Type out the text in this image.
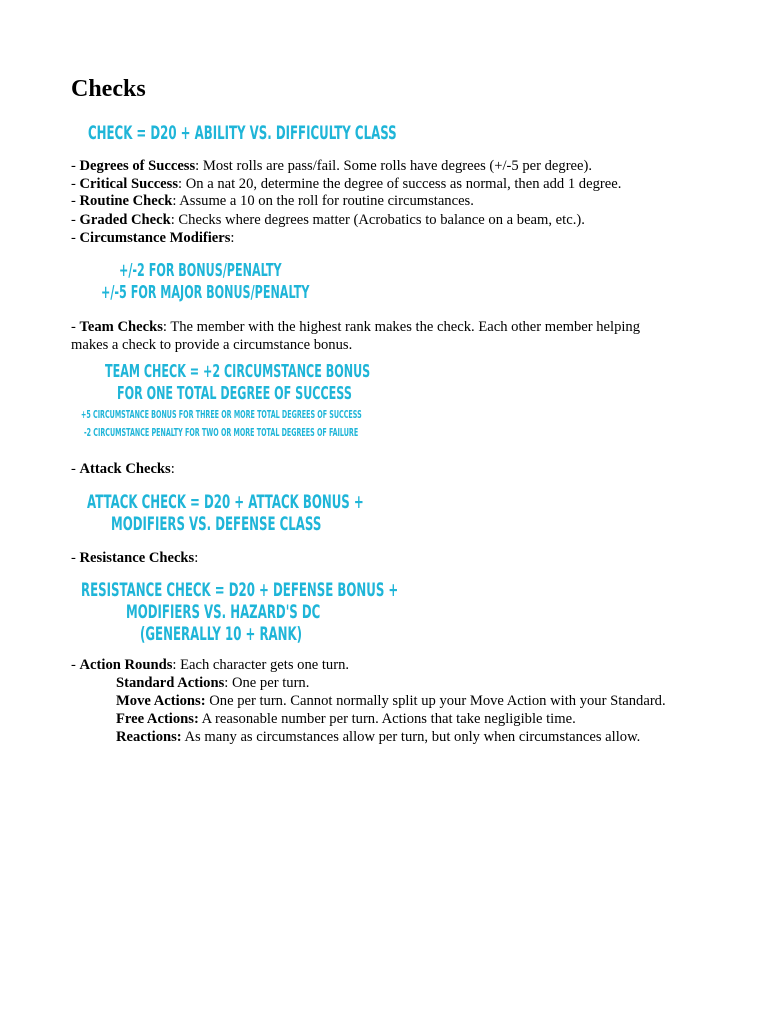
Checks
CHECK = D20 + ABILITY VS. DIFFICULTY CLASS
- Degrees of Success: Most rolls are pass/fail. Some rolls have degrees (+/-5 per degree).
- Critical Success: On a nat 20, determine the degree of success as normal, then add 1 degree.
- Routine Check: Assume a 10 on the roll for routine circumstances.
- Graded Check: Checks where degrees matter (Acrobatics to balance on a beam, etc.).
- Circumstance Modifiers:
+/-2 FOR BONUS/PENALTY
+/-5 FOR MAJOR BONUS/PENALTY
- Team Checks: The member with the highest rank makes the check. Each other member helping makes a check to provide a circumstance bonus.
TEAM CHECK = +2 CIRCUMSTANCE BONUS
FOR ONE TOTAL DEGREE OF SUCCESS
+5 CIRCUMSTANCE BONUS FOR THREE OR MORE TOTAL DEGREES OF SUCCESS
-2 CIRCUMSTANCE PENALTY FOR TWO OR MORE TOTAL DEGREES OF FAILURE
- Attack Checks:
ATTACK CHECK = D20 + ATTACK BONUS +
MODIFIERS VS. DEFENSE CLASS
- Resistance Checks:
RESISTANCE CHECK = D20 + DEFENSE BONUS +
MODIFIERS VS. HAZARD'S DC
(GENERALLY 10 + RANK)
- Action Rounds: Each character gets one turn.
Standard Actions: One per turn.
Move Actions: One per turn. Cannot normally split up your Move Action with your Standard.
Free Actions: A reasonable number per turn. Actions that take negligible time.
Reactions: As many as circumstances allow per turn, but only when circumstances allow.
